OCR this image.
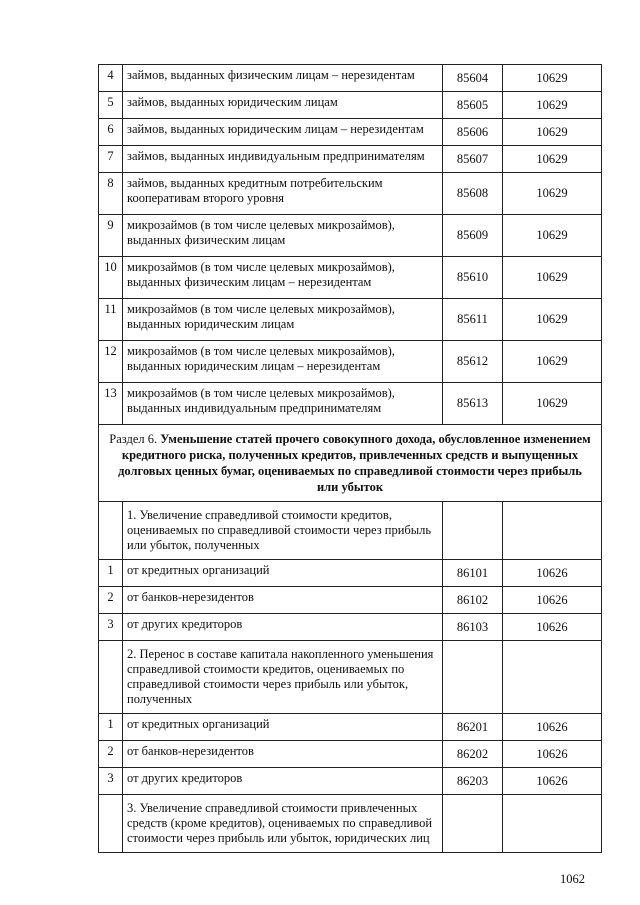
4	займов, выданных физическим лицам – нерезидентам	85604	10629
5	займов, выданных юридическим лицам	85605	10629
6	займов, выданных юридическим лицам – нерезидентам	85606	10629
7	займов, выданных индивидуальным предпринимателям	85607	10629
8	займов, выданных кредитным потребительским кооперативам второго уровня	85608	10629
9	микрозаймов (в том числе целевых микрозаймов), выданных физическим лицам	85609	10629
10	микрозаймов (в том числе целевых микрозаймов), выданных физическим лицам – нерезидентам	85610	10629
11	микрозаймов (в том числе целевых микрозаймов), выданных юридическим лицам	85611	10629
12	микрозаймов (в том числе целевых микрозаймов), выданных юридическим лицам – нерезидентам	85612	10629
13	микрозаймов (в том числе целевых микрозаймов), выданных индивидуальным предпринимателям	85613	10629
Раздел 6. Уменьшение статей прочего совокупного дохода, обусловленное изменением кредитного риска, полученных кредитов, привлеченных средств и выпущенных долговых ценных бумаг, оцениваемых по справедливой стоимости через прибыль или убыток			
	1. Увеличение справедливой стоимости кредитов, оцениваемых по справедливой стоимости через прибыль или убыток, полученных		
1	от кредитных организаций	86101	10626
2	от банков-нерезидентов	86102	10626
3	от других кредиторов	86103	10626
	2. Перенос в составе капитала накопленного уменьшения справедливой стоимости кредитов, оцениваемых по справедливой стоимости через прибыль или убыток, полученных		
1	от кредитных организаций	86201	10626
2	от банков-нерезидентов	86202	10626
3	от других кредиторов	86203	10626
	3. Увеличение справедливой стоимости привлеченных средств (кроме кредитов), оцениваемых по справедливой стоимости через прибыль или убыток, юридических лиц		
1062
